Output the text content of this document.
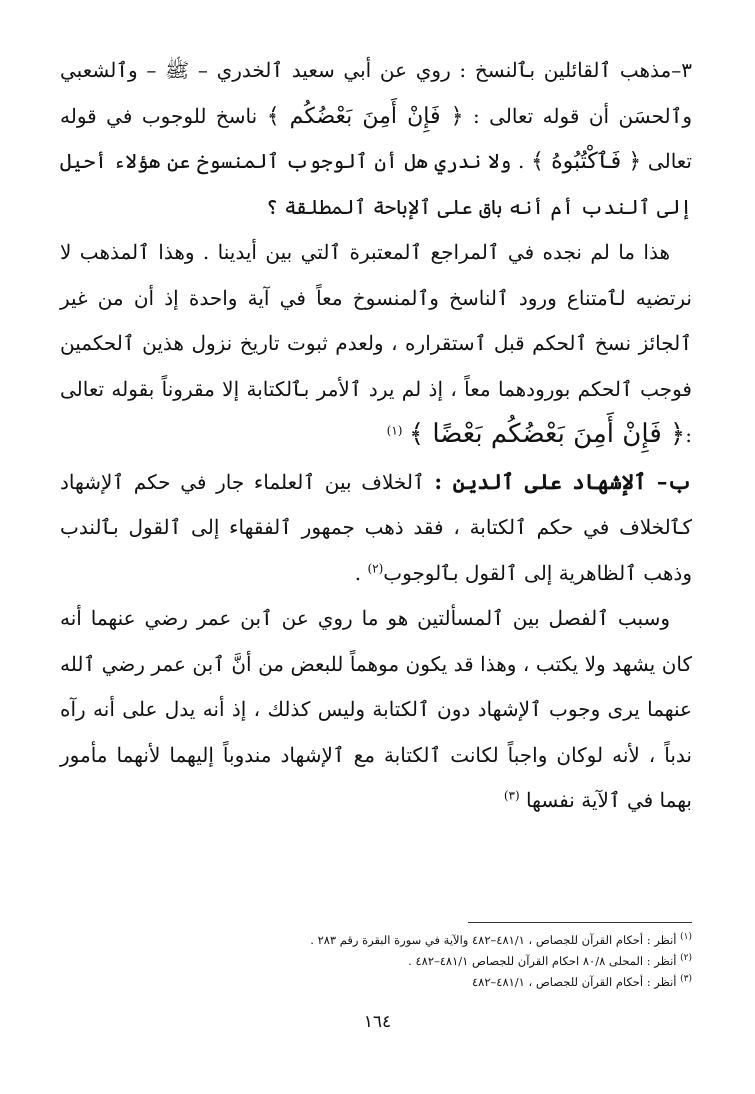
٣–مذهب ٱلقائلين بٱلنسخ : روي عن أبي سعيد ٱلخدري – ﷺ – وٱلشعبي وٱلحسَن أن قوله تعالى : ﴿ فَإِنْ أَمِنَ بَعْضُكُم ﴾ ناسخ للوجوب في قوله تعالى ﴿ فَٱكْتُبُوهُ ﴾ . ولا ندري هل أن ٱلوجوب ٱلمنسوخ عن هؤلاء أحيل إلى ٱلندب أم أنه باق على ٱلإباحة ٱلمطلقة ؟

هذا ما لم نجده في ٱلمراجع ٱلمعتبرة ٱلتي بين أيدينا . وهذا ٱلمذهب لا نرتضيه لٱمتناع ورود ٱلناسخ وٱلمنسوخ معاً في آية واحدة إذ أن من غير ٱلجائز نسخ ٱلحكم قبل ٱستقراره ، ولعدم ثبوت تاريخ نزول هذين ٱلحكمين فوجب ٱلحكم بورودهما معاً ، إذ لم يرد ٱلأمر بٱلكتابة إلا مقروناً بقوله تعالى :﴿ فَإِنْ أَمِنَ بَعْضُكُم بَعْضًا ﴾ $^{(١)}$

ب– ٱلإشهاد على ٱلدين : ٱلخلاف بين ٱلعلماء جار في حكم ٱلإشهاد كٱلخلاف في حكم ٱلكتابة ، فقد ذهب جمهور ٱلفقهاء إلى ٱلقول بٱلندب وذهب ٱلظاهرية إلى ٱلقول بٱلوجوب$^{(٢)}$ .

وسبب ٱلفصل بين ٱلمسألتين هو ما روي عن ٱبن عمر رضي عنهما أنه كان يشهد ولا يكتب ، وهذا قد يكون موهماً للبعض من أنَّ ٱبن عمر رضي ٱلله عنهما يرى وجوب ٱلإشهاد دون ٱلكتابة وليس كذلك ، إذ أنه يدل على أنه رآه ندباً ، لأنه لوكان واجباً لكانت ٱلكتابة مع ٱلإشهاد مندوباً إليهما لأنهما مأمور بهما في ٱلآية نفسها $^{(٣)}$

$^{(١)}$ أنظر : أحكام القرآن للجصاص ، ٤٨١/١–٤٨٢ والآية في سورة البقرة رقم ٢٨٣ .
$^{(٢)}$ أنظر : المحلى ٨٠/٨ احكام القرآن للجصاص ٤٨١/١–٤٨٢ .
$^{(٣)}$ أنظر : أحكام القرآن للجصاص ، ٤٨١/١–٤٨٢
١٦٤
